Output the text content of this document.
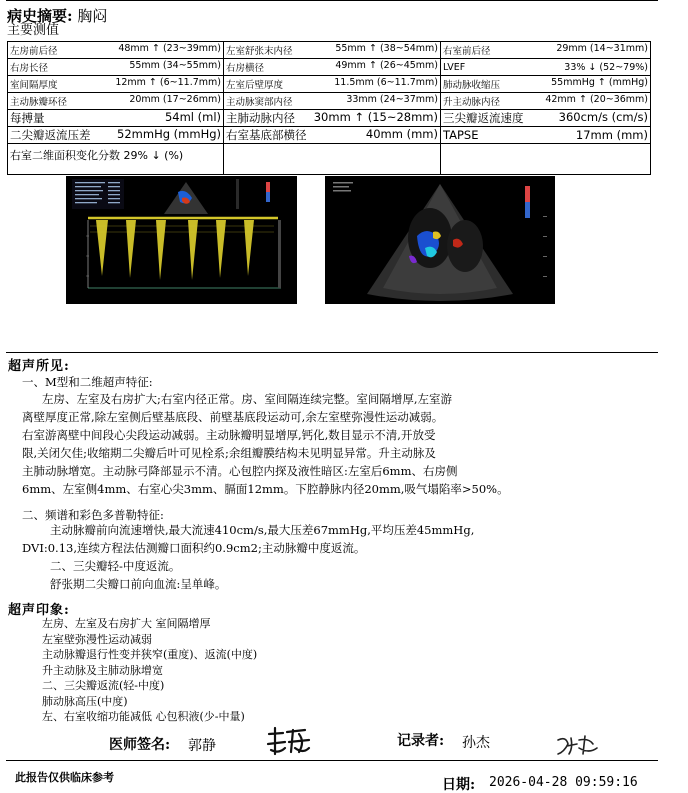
病史摘要: 胸闷
主要测值
左房前后径 48mm ↑ (23~39mm)	左室舒张末内径 55mm ↑ (38~54mm)	右室前后径 29mm (14~31mm)

右房长径 55mm (34~55mm)	右房横径 49mm ↑ (26~45mm)	LVEF 33% ↓ (52~79%)

室间隔厚度 12mm ↑ (6~11.7mm)	左室后壁厚度 11.5mm (6~11.7mm)	肺动脉收缩压 55mmHg ↑ (mmHg)

主动脉瓣环径 20mm (17~26mm)	主动脉窦部内径 33mm (24~37mm)	升主动脉内径 42mm ↑ (20~36mm)

每搏量 54ml (ml)	主肺动脉内径 30mm ↑ (15~28mm)	三尖瓣返流速度 360cm/s (cm/s)

二尖瓣返流压差 52mmHg (mmHg)	右室基底部横径 40mm (mm)	TAPSE 17mm (mm)

右室二维面积变化分数 29% ↓ (%)		
超声所见:
一、M型和二维超声特征:
左房、左室及右房扩大;右室内径正常。房、室间隔连续完整。室间隔增厚,左室游
离壁厚度正常,除左室侧后壁基底段、前壁基底段运动可,余左室壁弥漫性运动减弱。
右室游离壁中间段心尖段运动减弱。主动脉瓣明显增厚,钙化,数目显示不清,开放受
限,关闭欠佳;收缩期二尖瓣后叶可见栓系;余组瓣膜结构未见明显异常。升主动脉及
主肺动脉增宽。主动脉弓降部显示不清。心包腔内探及液性暗区:左室后6mm、右房侧
6mm、左室侧4mm、右室心尖3mm、膈面12mm。下腔静脉内径20mm,吸气塌陷率>50%。
二、频谱和彩色多普勒特征:
主动脉瓣前向流速增快,最大流速410cm/s,最大压差67mmHg,平均压差45mmHg,
DVI:0.13,连续方程法估测瓣口面积约0.9cm2;主动脉瓣中度返流。
二、三尖瓣轻-中度返流。
舒张期二尖瓣口前向血流:呈单峰。
超声印象:
左房、左室及右房扩大 室间隔增厚
左室壁弥漫性运动减弱
主动脉瓣退行性变并狭窄(重度)、返流(中度)
升主动脉及主肺动脉增宽
二、三尖瓣返流(轻-中度)
肺动脉高压(中度)
左、右室收缩功能减低 心包积液(少-中量)
医师签名: 郭静	记录者: 孙杰
此报告仅供临床参考	日期: 2026-04-28 09:59:16
